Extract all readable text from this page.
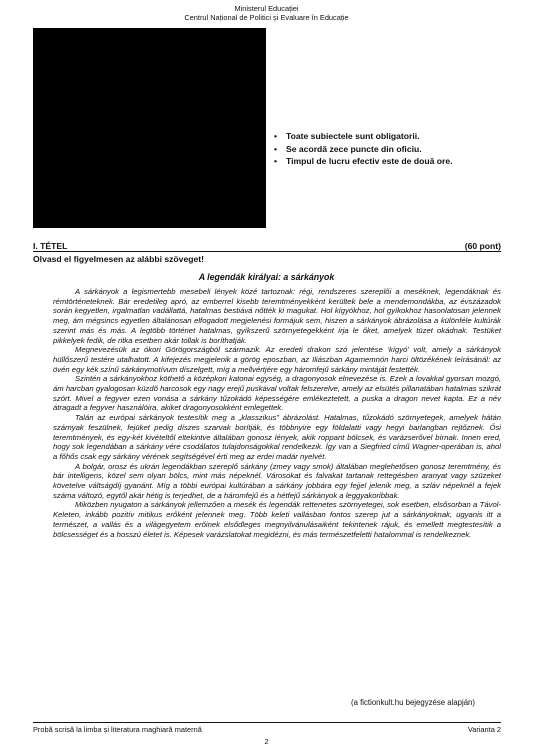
Ministerul Educației
Centrul Național de Politici și Evaluare în Educație
• Toate subiectele sunt obligatorii.
• Se acordă zece puncte din oficiu.
• Timpul de lucru efectiv este de două ore.
I. TÉTEL	(60 pont)
Olvasd el figyelmesen az alábbi szöveget!
A legendák királyai: a sárkányok

A sárkányok a legismertebb mesebeli lények közé tartoznak: régi, rendszeres szereplői a meséknek, legendáknak és rémtörténeteknek. Bár eredetileg apró, az emberrel kisebb teremtményekként kerültek bele a mendemondákba, az évszázadok során kegyetlen, irgalmatlan vadállattá, hatalmas bestiává nőtték ki magukat. Hol kígyókhoz, hol gyíkokhoz hasonlatosan jelennek meg, ám mégsincs egyetlen általánosan elfogadott megjelenési formájuk sem, hiszen a sárkányok ábrázolása a különféle kultúrák szerint más és más. A legtöbb történet hatalmas, gyíkszerű szörnyetegekként írja le őket, amelyek tüzet okádnak. Testüket pikkelyek fedik, de ritka esetben akár tollak is boríthatják.

Megnevezésük az ókori Görögországból származik. Az eredeti drakon szó jelentése ‘kígyó’ volt, amely a sárkányok hüllőszerű testére utalhatott. A kifejezés megjelenik a görög eposzban, az Iliászban Agamemnón harci öltözékének leírásánál: az övén egy kék színű sárkánymotívum díszelgett, míg a mellvértjére egy háromfejű sárkány mintáját festették.

Szintén a sárkányokhoz köthető a középkori katonai egység, a dragonyosok elnevezése is. Ezek a lovakkal gyorsan mozgó, ám harcban gyalogosan küzdő harcosok egy nagy erejű puskával voltak felszerelve, amely az elsütés pillanatában hatalmas szikrát szórt. Mivel a fegyver ezen vonása a sárkány tűzokádó képességére emlékeztetett, a puska a dragon nevet kapta. Ez a név átragadt a fegyver használóira, akiket dragonyosokként emlegettek.

Talán az európai sárkányok testesítik meg a „klasszikus” ábrázolást. Hatalmas, tűzokádó szörnyetegek, amelyek hátán szárnyak feszülnek, fejüket pedig díszes szarvak borítják, és többnyire egy földalatti vagy hegyi barlangban rejtőznek. Ősi teremtmények, és egy-két kivételtől eltekintve általában gonosz lények, akik roppant bölcsek, és varázserővel bírnak. Innen ered, hogy sok legendában a sárkány vére csodálatos tulajdonságokkal rendelkezik. Így van a Siegfried című Wagner-operában is, ahol a főhős csak egy sárkány vérének segítségével érti meg az erdei madár nyelvét.

A bolgár, orosz és ukrán legendákban szereplő sárkány (zmey vagy smok) általában meglehetősen gonosz teremtmény, és bár intelligens, közel sem olyan bölcs, mint más népeknél. Városokat és falvakat tartanak rettegésben aranyat vagy szüzeket követelve váltságdíj gyanánt. Míg a többi európai kultúrában a sárkány jobbára egy fejjel jelenik meg, a szláv népeknél a fejek száma változó, egytől akár hétig is terjedhet, de a háromfejű és a hétfejű sárkányok a leggyakoribbak.

Miközben nyugaton a sárkányok jellemzően a mesék és legendák rettenetes szörnyetegei, sok esetben, elsősorban a Távol-Keleten, inkább pozitív mitikus erőként jelennek meg. Több keleti vallásban fontos szerep jut a sárkányoknak, ugyanis itt a természet, a vallás és a világegyetem erőinek elsődleges megnyilvánulásaiként tekintenek rájuk, és emellett megtestesítik a bölcsességet és a hosszú életet is. Képesek varázslatokat megidézni, és más természetfeletti hatalommal is rendelkeznek.

(a fictionkult.hu bejegyzése alapján)
Probă scrisă la limba și literatura maghiară maternă	Varianta 2
2
